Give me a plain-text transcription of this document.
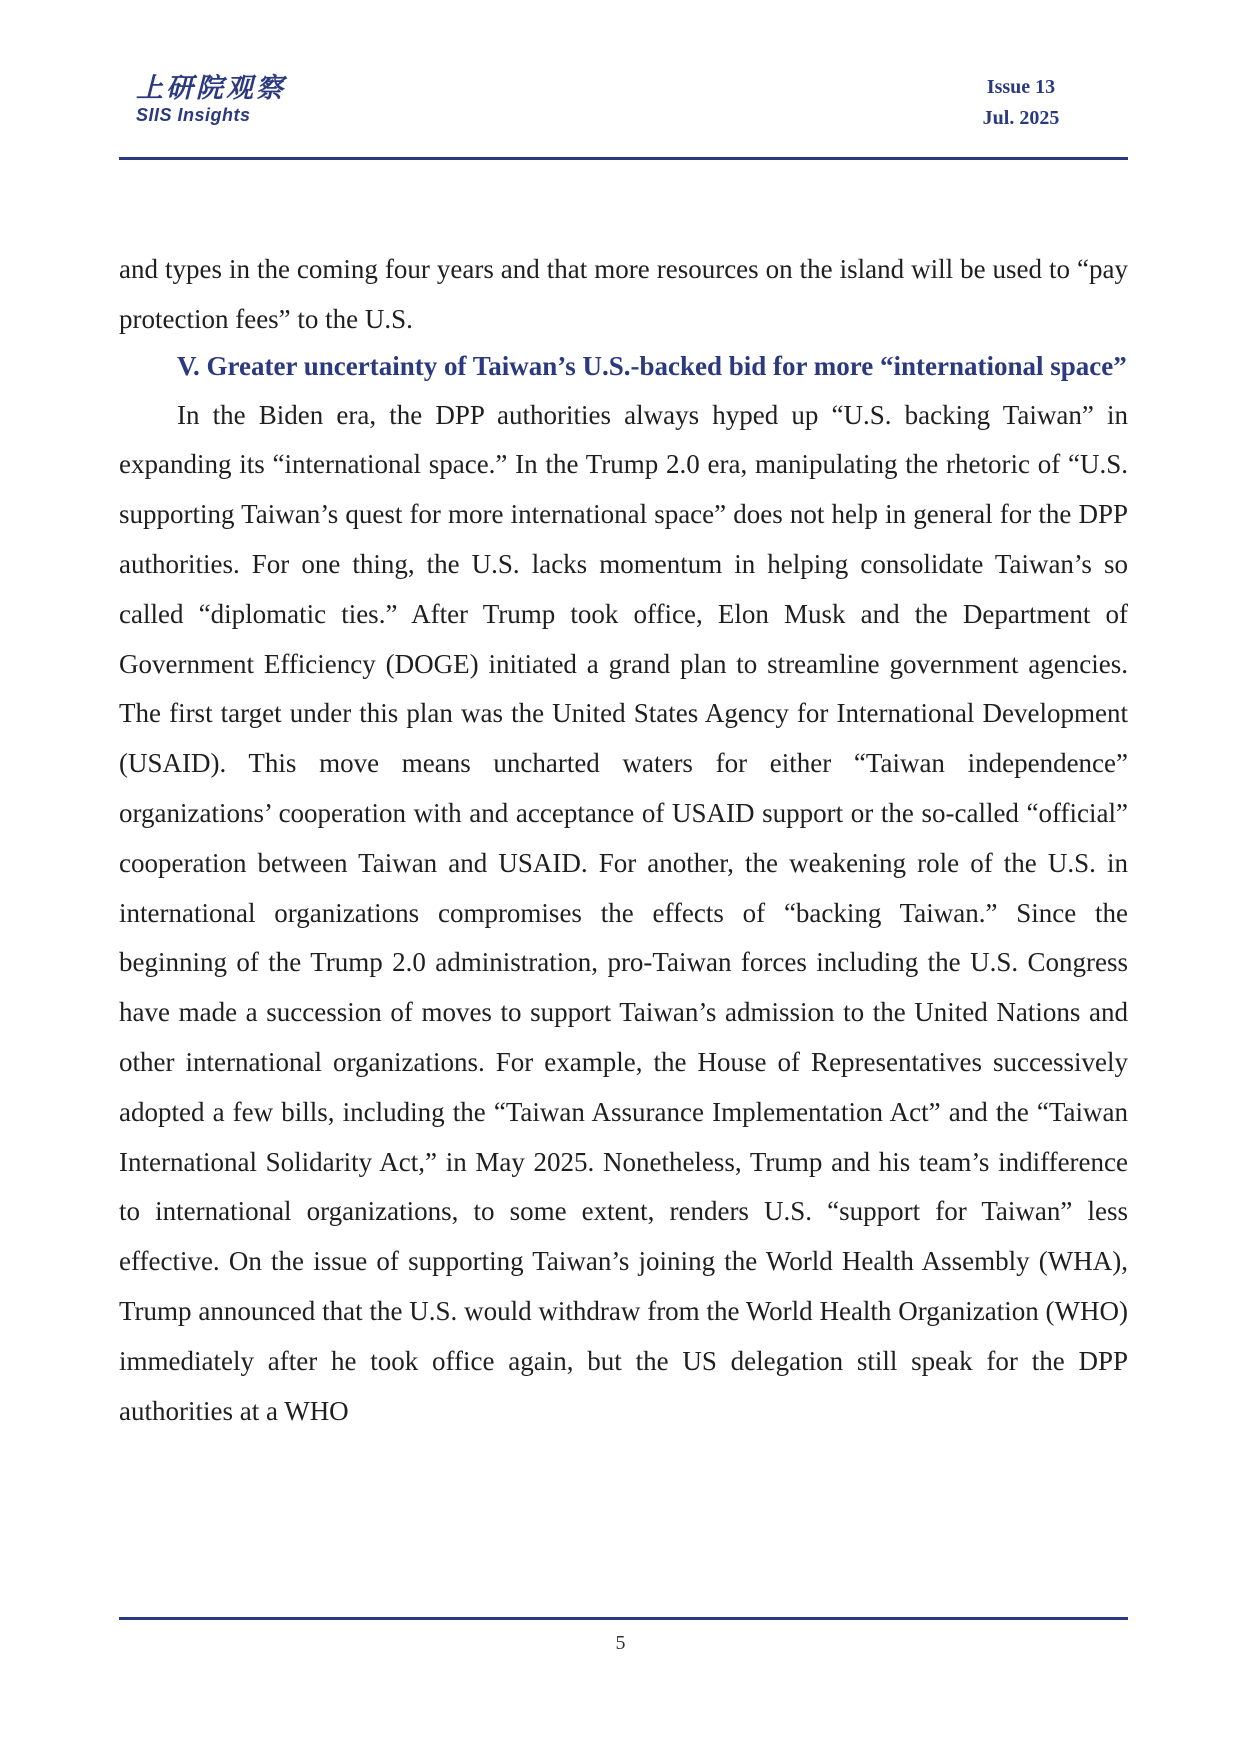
上研院观察
SIIS Insights
Issue 13
Jul. 2025

and types in the coming four years and that more resources on the island will be used to “pay protection fees” to the U.S.

V. Greater uncertainty of Taiwan’s U.S.-backed bid for more “international space”

In the Biden era, the DPP authorities always hyped up “U.S. backing Taiwan” in expanding its “international space.” In the Trump 2.0 era, manipulating the rhetoric of “U.S. supporting Taiwan’s quest for more international space” does not help in general for the DPP authorities. For one thing, the U.S. lacks momentum in helping consolidate Taiwan’s so called “diplomatic ties.” After Trump took office, Elon Musk and the Department of Government Efficiency (DOGE) initiated a grand plan to streamline government agencies. The first target under this plan was the United States Agency for International Development (USAID). This move means uncharted waters for either “Taiwan independence” organizations’ cooperation with and acceptance of USAID support or the so-called “official” cooperation between Taiwan and USAID. For another, the weakening role of the U.S. in international organizations compromises the effects of “backing Taiwan.” Since the beginning of the Trump 2.0 administration, pro-Taiwan forces including the U.S. Congress have made a succession of moves to support Taiwan’s admission to the United Nations and other international organizations. For example, the House of Representatives successively adopted a few bills, including the “Taiwan Assurance Implementation Act” and the “Taiwan International Solidarity Act,” in May 2025. Nonetheless, Trump and his team’s indifference to international organizations, to some extent, renders U.S. “support for Taiwan” less effective. On the issue of supporting Taiwan’s joining the World Health Assembly (WHA), Trump announced that the U.S. would withdraw from the World Health Organization (WHO) immediately after he took office again, but the US delegation still speak for the DPP authorities at a WHO

5
